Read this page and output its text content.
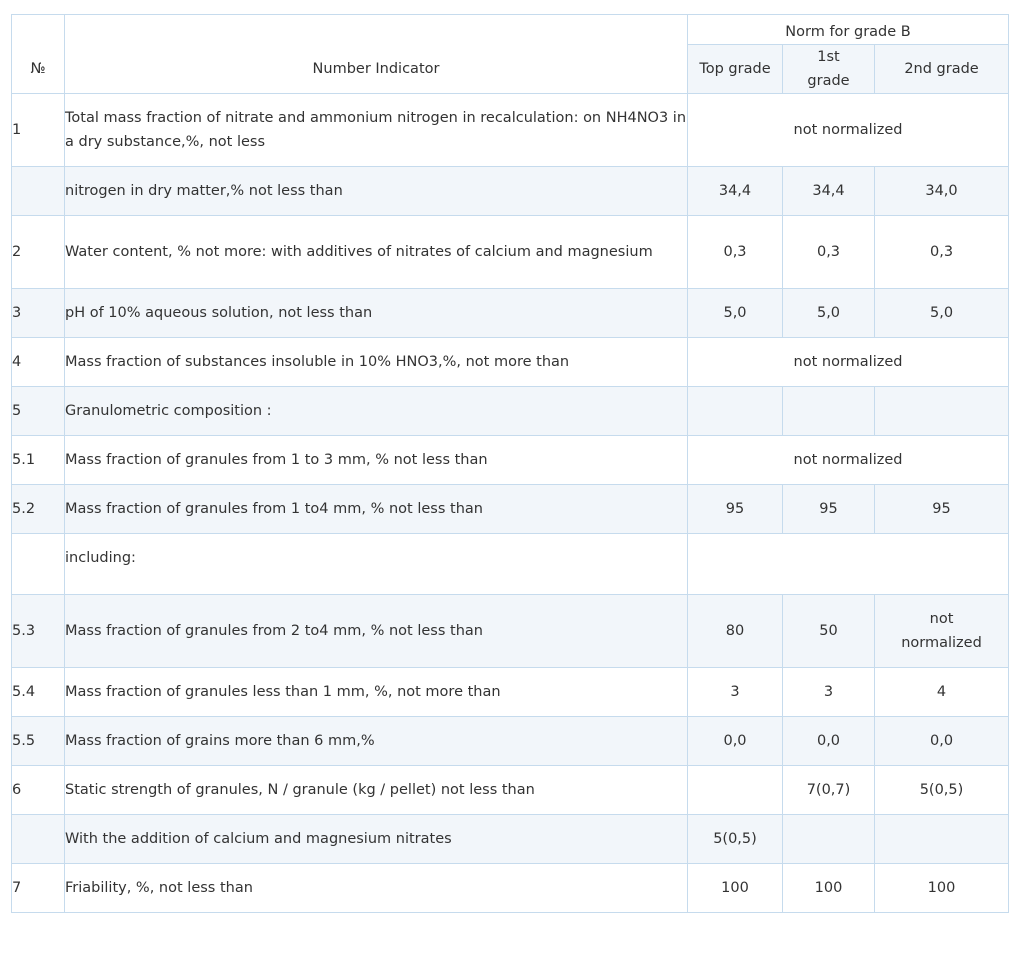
№	Number Indicator	Norm for grade B		
		Top grade	1st grade	2nd grade
1	Total mass fraction of nitrate and ammonium nitrogen in recalculation: on NH4NO3 in a dry substance,%, not less	not normalized		
	nitrogen in dry matter,% not less than	34,4	34,4	34,0
2	Water content, % not more: with additives of nitrates of calcium and magnesium	0,3	0,3	0,3
3	pH of 10% aqueous solution, not less than	5,0	5,0	5,0
4	Mass fraction of substances insoluble in 10% HNO3,%, not more than	not normalized		
5	Granulometric composition :			
5.1	Mass fraction of granules from 1 to 3 mm, % not less than	not normalized		
5.2	Mass fraction of granules from 1 to4 mm, % not less than	95	95	95
	including:			
5.3	Mass fraction of granules from 2 to4 mm, % not less than	80	50	not normalized
5.4	Mass fraction of granules less than 1 mm, %, not more than	3	3	4
5.5	Mass fraction of grains more than 6 mm,%	0,0	0,0	0,0
6	Static strength of granules, N / granule (kg / pellet) not less than		7(0,7)	5(0,5)
	With the addition of calcium and magnesium nitrates	5(0,5)		
7	Friability, %, not less than	100	100	100
